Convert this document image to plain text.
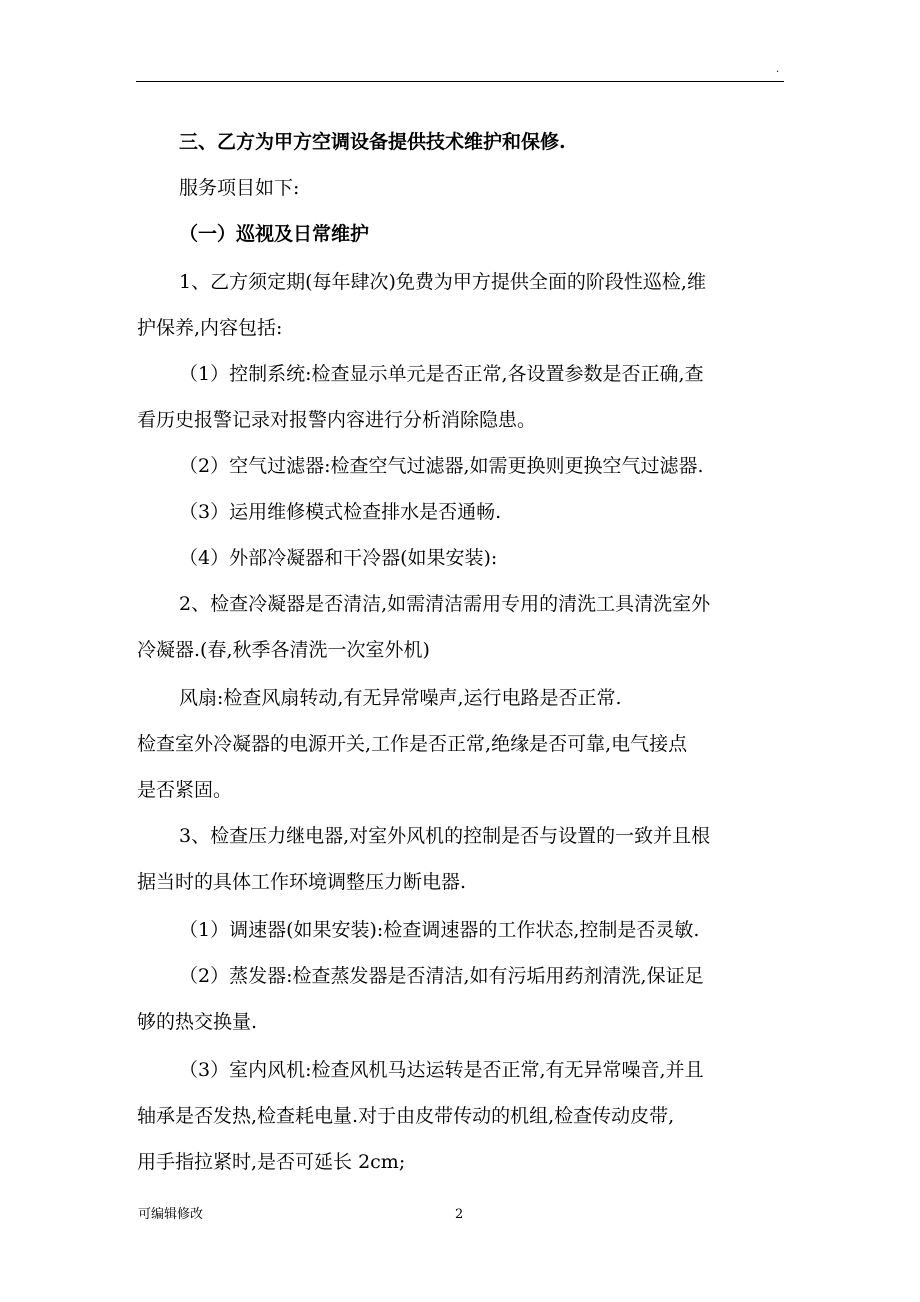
.
三、乙方为甲方空调设备提供技术维护和保修.
服务项目如下:
（一）巡视及日常维护
1、乙方须定期(每年肆次)免费为甲方提供全面的阶段性巡检,维
护保养,内容包括:
（1）控制系统:检查显示单元是否正常,各设置参数是否正确,查
看历史报警记录对报警内容进行分析消除隐患。
（2）空气过滤器:检查空气过滤器,如需更换则更换空气过滤器.
（3）运用维修模式检查排水是否通畅.
（4）外部冷凝器和干冷器(如果安装):
2、检查冷凝器是否清洁,如需清洁需用专用的清洗工具清洗室外
冷凝器.(春,秋季各清洗一次室外机)
风扇:检查风扇转动,有无异常噪声,运行电路是否正常.
检查室外冷凝器的电源开关,工作是否正常,绝缘是否可靠,电气接点
是否紧固。
3、检查压力继电器,对室外风机的控制是否与设置的一致并且根
据当时的具体工作环境调整压力断电器.
（1）调速器(如果安装):检查调速器的工作状态,控制是否灵敏.
（2）蒸发器:检查蒸发器是否清洁,如有污垢用药剂清洗,保证足
够的热交换量.
（3）室内风机:检查风机马达运转是否正常,有无异常噪音,并且
轴承是否发热,检查耗电量.对于由皮带传动的机组,检查传动皮带,
用手指拉紧时,是否可延长 2cm;
可编辑修改	2
